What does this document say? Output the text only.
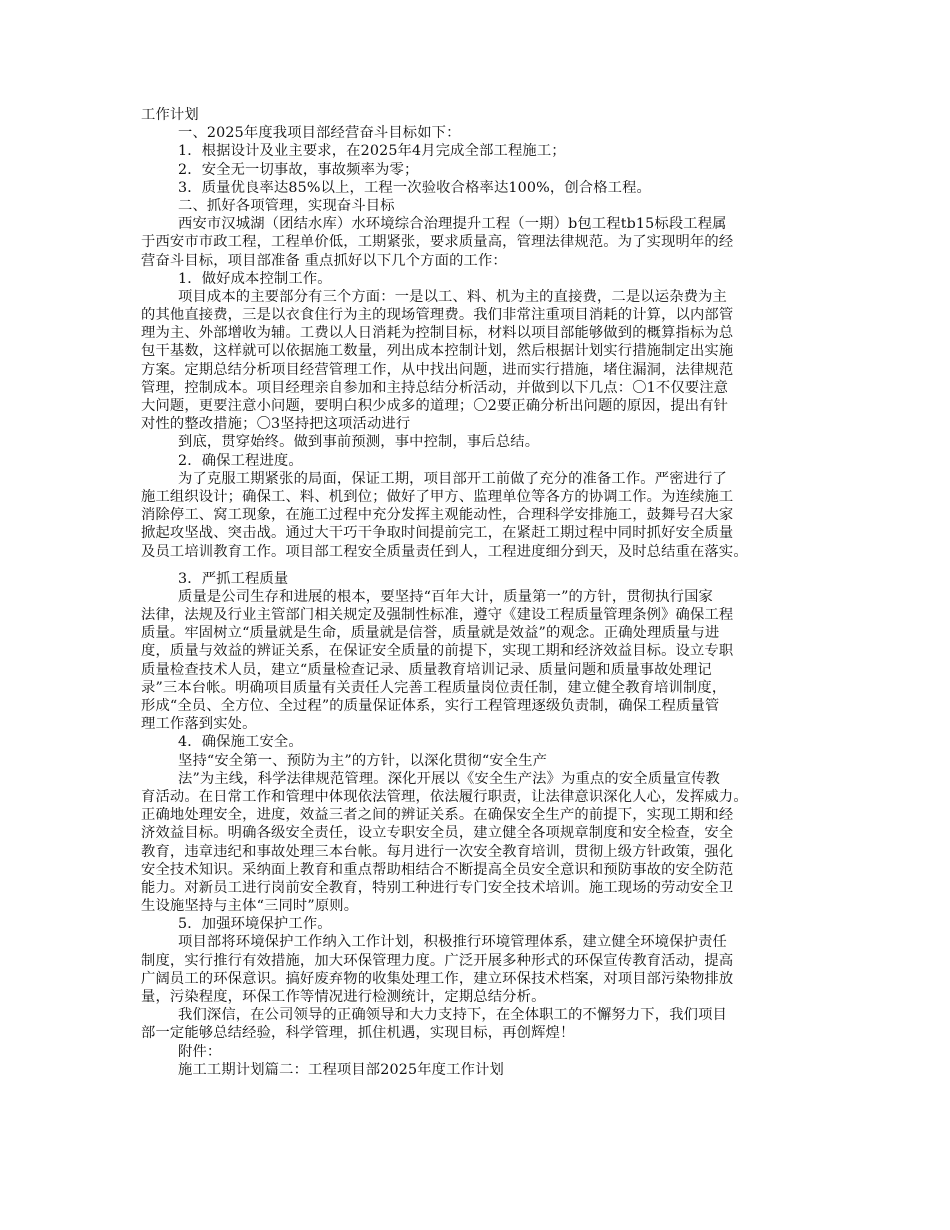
工作计划
一、2025年度我项目部经营奋斗目标如下：
1．根据设计及业主要求，在2025年4月完成全部工程施工；
2．安全无一切事故，事故频率为零；
3．质量优良率达85%以上，工程一次验收合格率达100%，创合格工程。
二、抓好各项管理，实现奋斗目标
西安市汉城湖（团结水库）水环境综合治理提升工程（一期）b包工程tb15标段工程属
于西安市市政工程，工程单价低，工期紧张，要求质量高，管理法律规范。为了实现明年的经
营奋斗目标，项目部准备 重点抓好以下几个方面的工作：
1．做好成本控制工作。
项目成本的主要部分有三个方面：一是以工、料、机为主的直接费，二是以运杂费为主
的其他直接费，三是以衣食住行为主的现场管理费。我们非常注重项目消耗的计算，以内部管
理为主、外部增收为辅。工费以人日消耗为控制目标，材料以项目部能够做到的概算指标为总
包干基数，这样就可以依据施工数量，列出成本控制计划，然后根据计划实行措施制定出实施
方案。定期总结分析项目经营管理工作，从中找出问题，进而实行措施，堵住漏洞，法律规范
管理，控制成本。项目经理亲自参加和主持总结分析活动，并做到以下几点：〇1不仅要注意
大问题，更要注意小问题，要明白积少成多的道理；〇2要正确分析出问题的原因，提出有针
对性的整改措施；〇3坚持把这项活动进行
到底，贯穿始终。做到事前预测，事中控制，事后总结。
2．确保工程进度。
为了克服工期紧张的局面，保证工期，项目部开工前做了充分的准备工作。严密进行了
施工组织设计；确保工、料、机到位；做好了甲方、监理单位等各方的协调工作。为连续施工
消除停工、窝工现象，在施工过程中充分发挥主观能动性，合理科学安排施工，鼓舞号召大家
掀起攻坚战、突击战。通过大干巧干争取时间提前完工，在紧赶工期过程中同时抓好安全质量
及员工培训教育工作。项目部工程安全质量责任到人，工程进度细分到天，及时总结重在落实。
3．严抓工程质量
质量是公司生存和进展的根本，要坚持“百年大计，质量第一”的方针，贯彻执行国家
法律，法规及行业主管部门相关规定及强制性标准，遵守《建设工程质量管理条例》确保工程
质量。牢固树立“质量就是生命，质量就是信誉，质量就是效益”的观念。正确处理质量与进
度，质量与效益的辨证关系，在保证安全质量的前提下，实现工期和经济效益目标。设立专职
质量检查技术人员，建立“质量检查记录、质量教育培训记录、质量问题和质量事故处理记
录”三本台帐。明确项目质量有关责任人完善工程质量岗位责任制，建立健全教育培训制度，
形成“全员、全方位、全过程”的质量保证体系，实行工程管理逐级负责制，确保工程质量管
理工作落到实处。
4．确保施工安全。
坚持“安全第一、预防为主”的方针，以深化贯彻“安全生产
法”为主线，科学法律规范管理。深化开展以《安全生产法》为重点的安全质量宣传教
育活动。在日常工作和管理中体现依法管理，依法履行职责，让法律意识深化人心，发挥威力。
正确地处理安全，进度，效益三者之间的辨证关系。在确保安全生产的前提下，实现工期和经
济效益目标。明确各级安全责任，设立专职安全员，建立健全各项规章制度和安全检查，安全
教育，违章违纪和事故处理三本台帐。每月进行一次安全教育培训，贯彻上级方针政策，强化
安全技术知识。采纳面上教育和重点帮助相结合不断提高全员安全意识和预防事故的安全防范
能力。对新员工进行岗前安全教育，特别工种进行专门安全技术培训。施工现场的劳动安全卫
生设施坚持与主体“三同时”原则。
5．加强环境保护工作。
项目部将环境保护工作纳入工作计划，积极推行环境管理体系，建立健全环境保护责任
制度，实行推行有效措施，加大环保管理力度。广泛开展多种形式的环保宣传教育活动，提高
广阔员工的环保意识。搞好废弃物的收集处理工作，建立环保技术档案，对项目部污染物排放
量，污染程度，环保工作等情况进行检测统计，定期总结分析。
我们深信，在公司领导的正确领导和大力支持下，在全体职工的不懈努力下，我们项目
部一定能够总结经验，科学管理，抓住机遇，实现目标，再创辉煌！
附件：
施工工期计划篇二：工程项目部2025年度工作计划
